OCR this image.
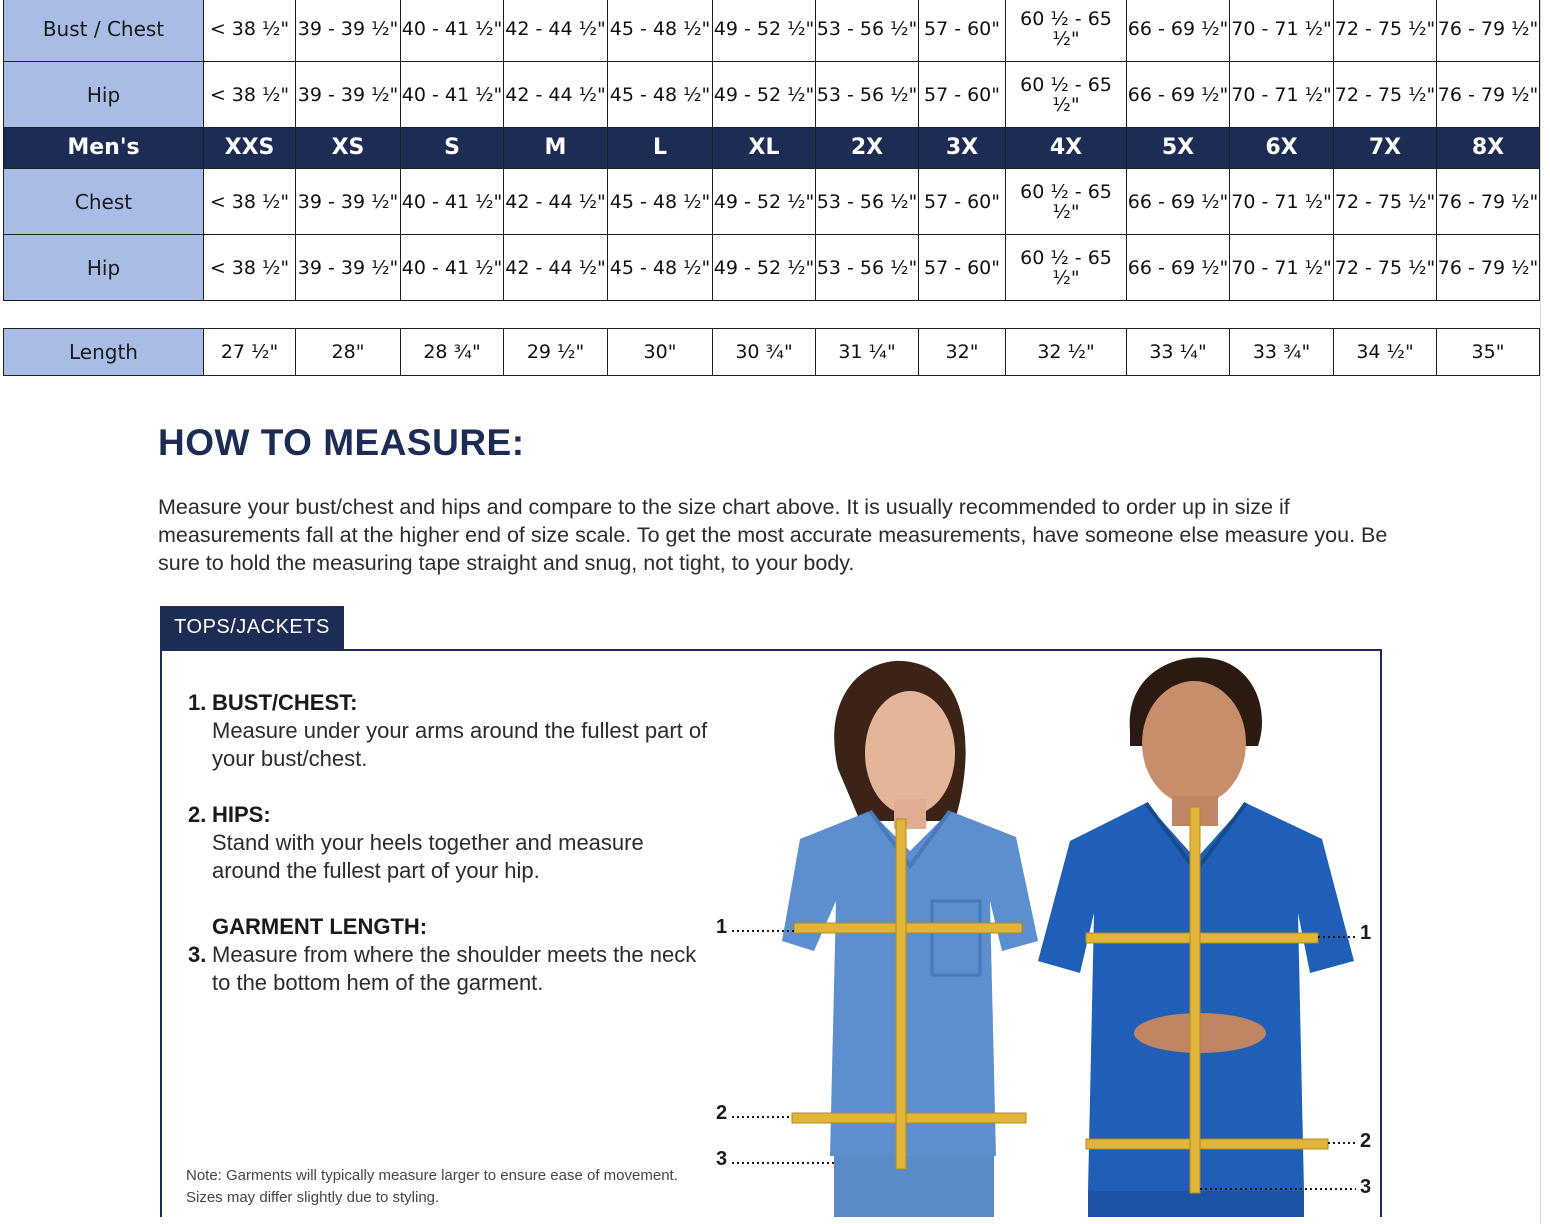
Bust / Chest	< 38 ½"	39 - 39 ½"	40 - 41 ½"	42 - 44 ½"	45 - 48 ½"	49 - 52 ½"	53 - 56 ½"	57 - 60"	60 ½ - 65 ½"	66 - 69 ½"	70 - 71 ½"	72 - 75 ½"	76 - 79 ½"
Hip	< 38 ½"	39 - 39 ½"	40 - 41 ½"	42 - 44 ½"	45 - 48 ½"	49 - 52 ½"	53 - 56 ½"	57 - 60"	60 ½ - 65 ½"	66 - 69 ½"	70 - 71 ½"	72 - 75 ½"	76 - 79 ½"
Men's	XXS	XS	S	M	L	XL	2X	3X	4X	5X	6X	7X	8X
Chest	< 38 ½"	39 - 39 ½"	40 - 41 ½"	42 - 44 ½"	45 - 48 ½"	49 - 52 ½"	53 - 56 ½"	57 - 60"	60 ½ - 65 ½"	66 - 69 ½"	70 - 71 ½"	72 - 75 ½"	76 - 79 ½"
Hip	< 38 ½"	39 - 39 ½"	40 - 41 ½"	42 - 44 ½"	45 - 48 ½"	49 - 52 ½"	53 - 56 ½"	57 - 60"	60 ½ - 65 ½"	66 - 69 ½"	70 - 71 ½"	72 - 75 ½"	76 - 79 ½"
Length	27 ½"	28"	28 ¾"	29 ½"	30"	30 ¾"	31 ¼"	32"	32 ½"	33 ¼"	33 ¾"	34 ½"	35"
HOW TO MEASURE:

Measure your bust/chest and hips and compare to the size chart above. It is usually recommended to order up in size if measurements fall at the higher end of size scale. To get the most accurate measurements, have someone else measure you. Be sure to hold the measuring tape straight and snug, not tight, to your body.

TOPS/JACKETS
1. BUST/CHEST:
Measure under your arms around the fullest part of your bust/chest.
2. HIPS:
Stand with your heels together and measure around the fullest part of your hip.
3.
GARMENT LENGTH:
Measure from where the shoulder meets the neck to the bottom hem of the garment.
Note: Garments will typically measure larger to ensure ease of movement. Sizes may differ slightly due to styling.
1
2
3
1
2
3
